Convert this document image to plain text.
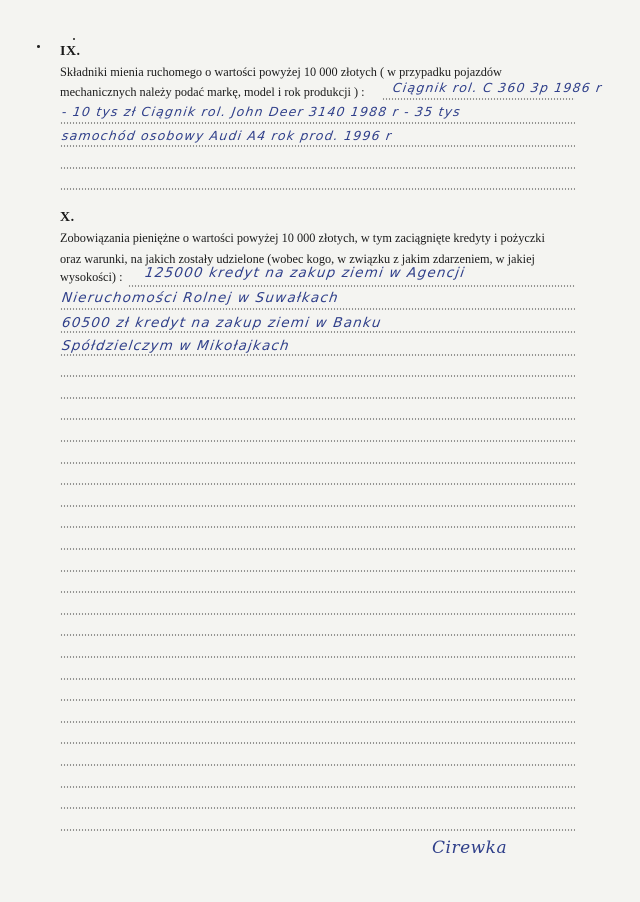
IX.
Składniki mienia ruchomego o wartości powyżej 10 000 złotych ( w przypadku pojazdów
mechanicznych należy podać markę, model i rok produkcji ) :	Ciągnik rol. C 360 3p 1986 r
- 10 tys zł Ciągnik rol. John Deer 3140 1988 r - 35 tys
samochód osobowy Audi A4 rok prod. 1996 r
X.
Zobowiązania pieniężne o wartości powyżej 10 000 złotych, w tym zaciągnięte kredyty i pożyczki
oraz warunki, na jakich zostały udzielone (wobec kogo, w związku z jakim zdarzeniem, w jakiej
wysokości) :	125000 kredyt na zakup ziemi w Agencji
Nieruchomości Rolnej w Suwałkach
60500 zł kredyt na zakup ziemi w Banku
Spółdzielczym w Mikołajkach
Cirewka
